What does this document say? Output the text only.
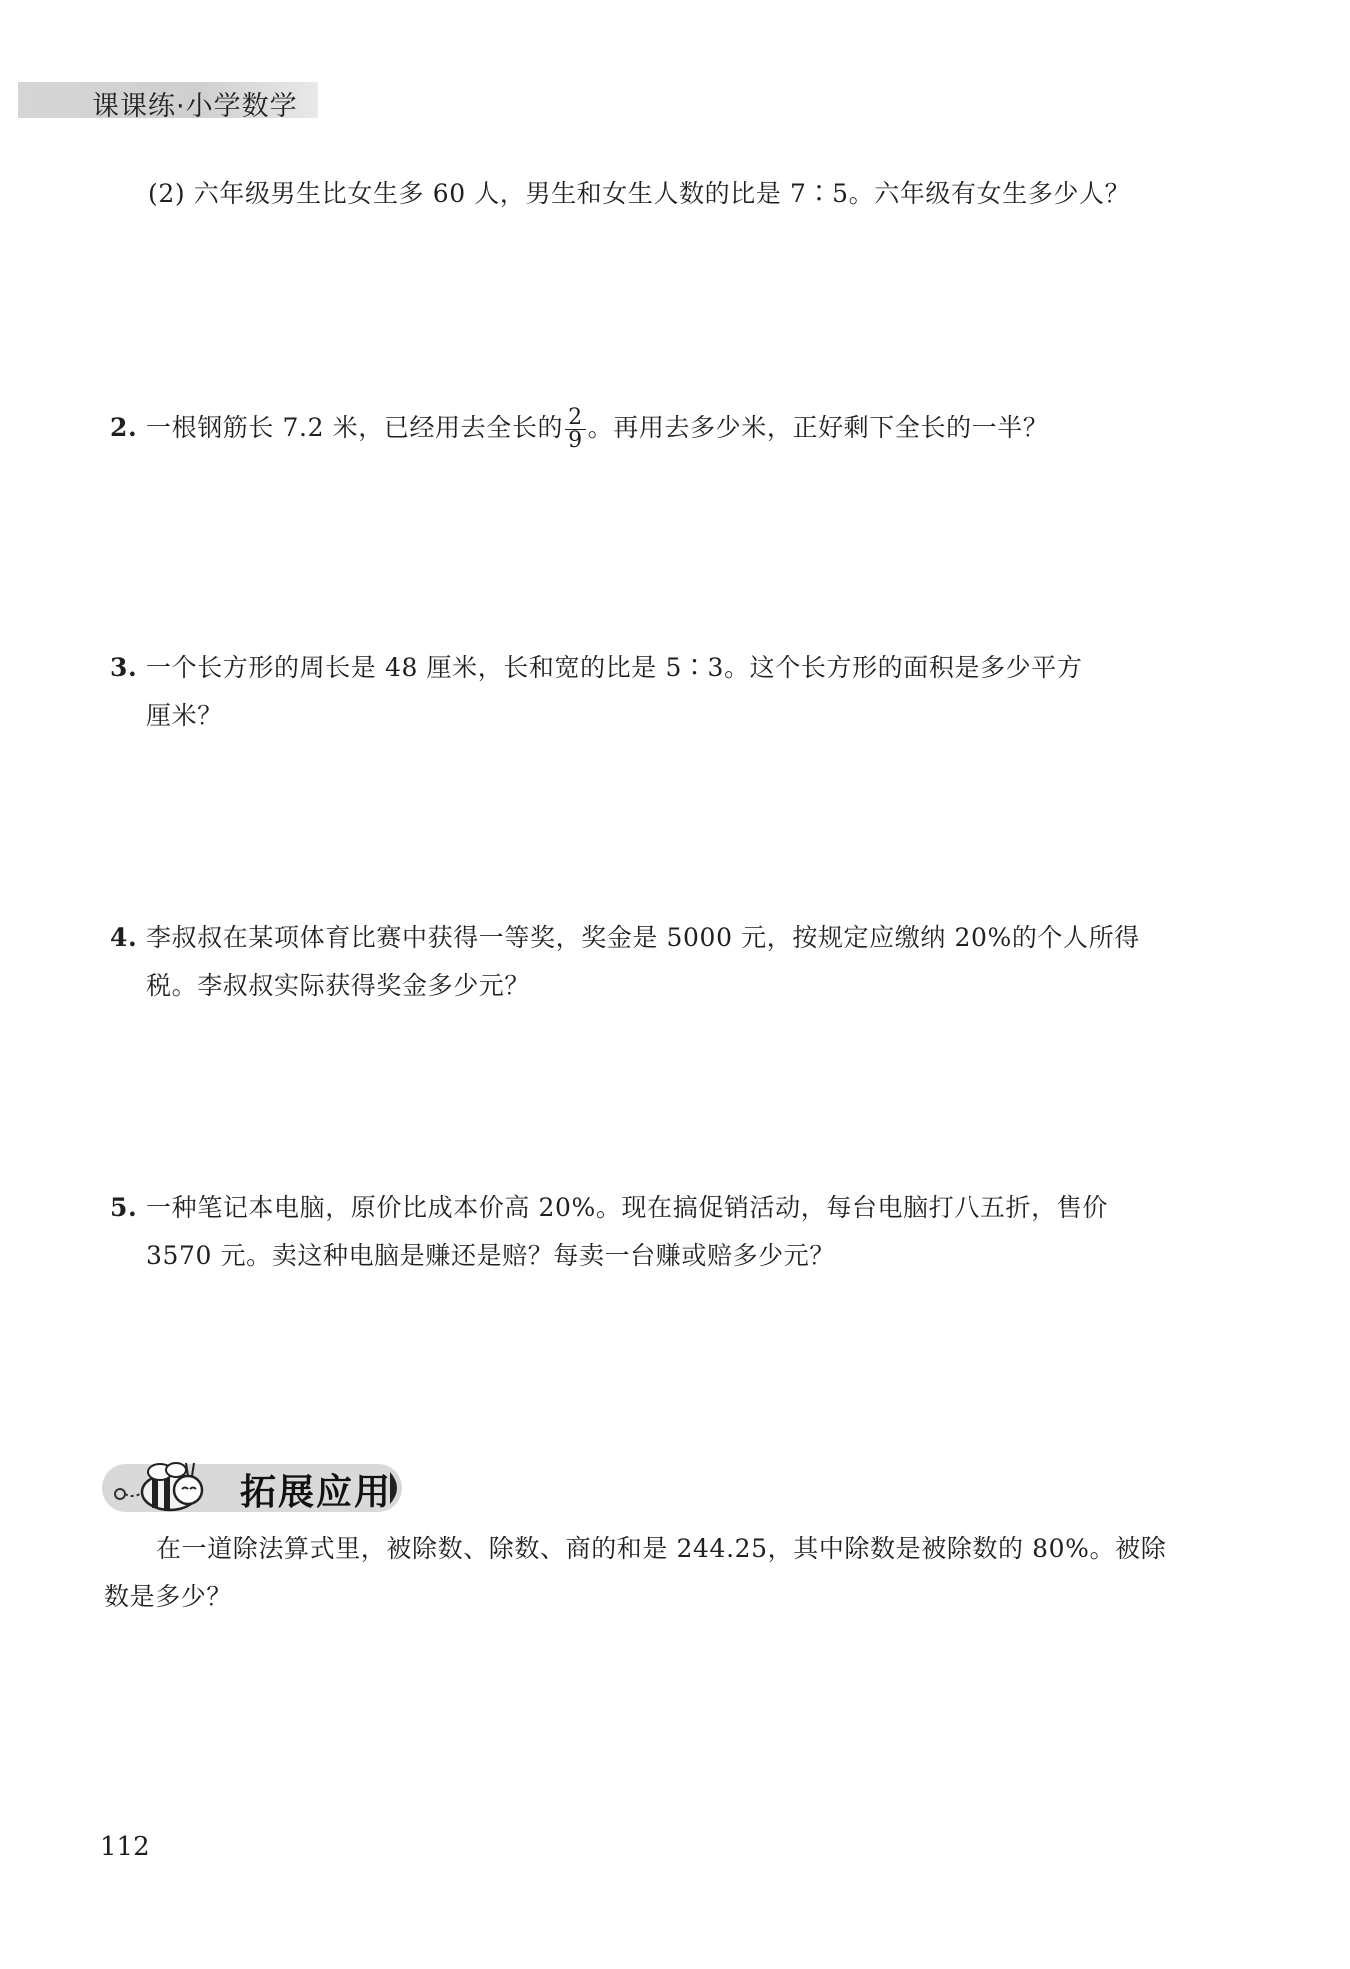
课课练·小学数学
(2) 六年级男生比女生多 60 人，男生和女生人数的比是 7∶5。六年级有女生多少人？
2. 一根钢筋长 7.2 米，已经用去全长的 $\frac{2}{9}$ 。再用去多少米，正好剩下全长的一半？
3. 一个长方形的周长是 48 厘米，长和宽的比是 5∶3。这个长方形的面积是多少平方
厘米？
4. 李叔叔在某项体育比赛中获得一等奖，奖金是 5000 元，按规定应缴纳 20%的个人所得
税。李叔叔实际获得奖金多少元？
5. 一种笔记本电脑，原价比成本价高 20%。现在搞促销活动，每台电脑打八五折，售价
3570 元。卖这种电脑是赚还是赔？每卖一台赚或赔多少元？
拓展应用
在一道除法算式里，被除数、除数、商的和是 244.25，其中除数是被除数的 80%。被除
数是多少？
112
